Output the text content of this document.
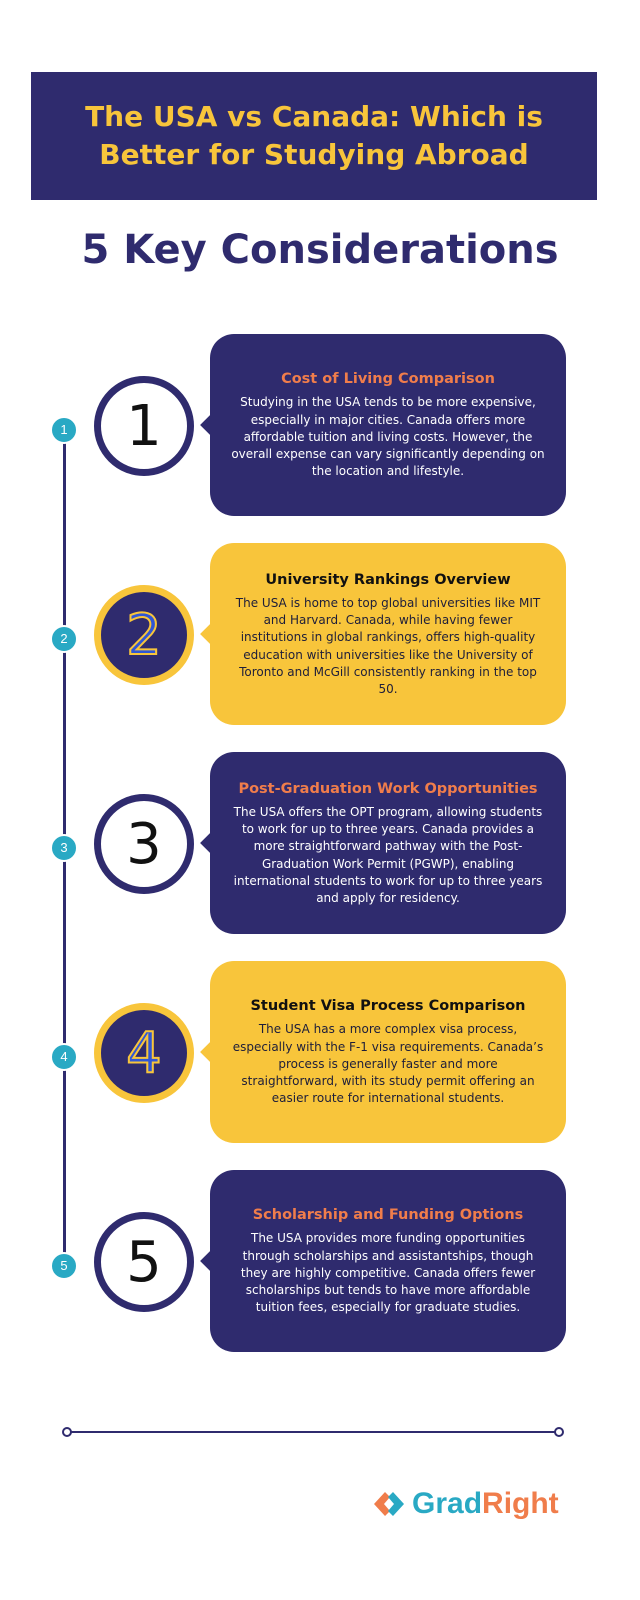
The USA vs Canada: Which is Better for Studying Abroad
5 Key Considerations
1 1
Cost of Living Comparison
Studying in the USA tends to be more expensive, especially in major cities. Canada offers more affordable tuition and living costs. However, the overall expense can vary significantly depending on the location and lifestyle.
2 2
University Rankings Overview
The USA is home to top global universities like MIT and Harvard. Canada, while having fewer institutions in global rankings, offers high-quality education with universities like the University of Toronto and McGill consistently ranking in the top 50.
3 3
Post-Graduation Work Opportunities
The USA offers the OPT program, allowing students to work for up to three years. Canada provides a more straightforward pathway with the Post-Graduation Work Permit (PGWP), enabling international students to work for up to three years and apply for residency.
4 4
Student Visa Process Comparison
The USA has a more complex visa process, especially with the F-1 visa requirements. Canada’s process is generally faster and more straightforward, with its study permit offering an easier route for international students.
5 5
Scholarship and Funding Options
The USA provides more funding opportunities through scholarships and assistantships, though they are highly competitive. Canada offers fewer scholarships but tends to have more affordable tuition fees, especially for graduate studies.
GradRight
